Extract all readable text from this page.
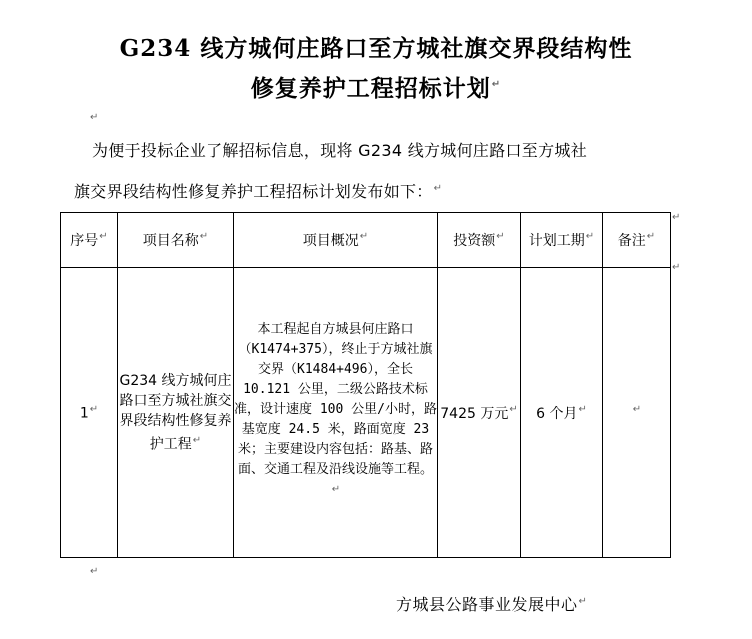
G234 线方城何庄路口至方城社旗交界段结构性
修复养护工程招标计划↵
↵
为便于投标企业了解招标信息，现将 G234 线方城何庄路口至方城社
旗交界段结构性修复养护工程招标计划发布如下：↵
序号↵	项目名称↵	项目概况↵	投资额↵	计划工期↵	备注↵
1↵	G234 线方城何庄路口至方城社旗交界段结构性修复养护工程↵	本工程起自方城县何庄路口（K1474+375），终止于方城社旗交界（K1484+496），全长 10.121 公里，二级公路技术标准，设计速度 100 公里/小时，路基宽度 24.5 米，路面宽度 23 米；主要建设内容包括：路基、路面、交通工程及沿线设施等工程。↵	7425 万元↵	6 个月↵	↵
↵
↵
↵
方城县公路事业发展中心↵
